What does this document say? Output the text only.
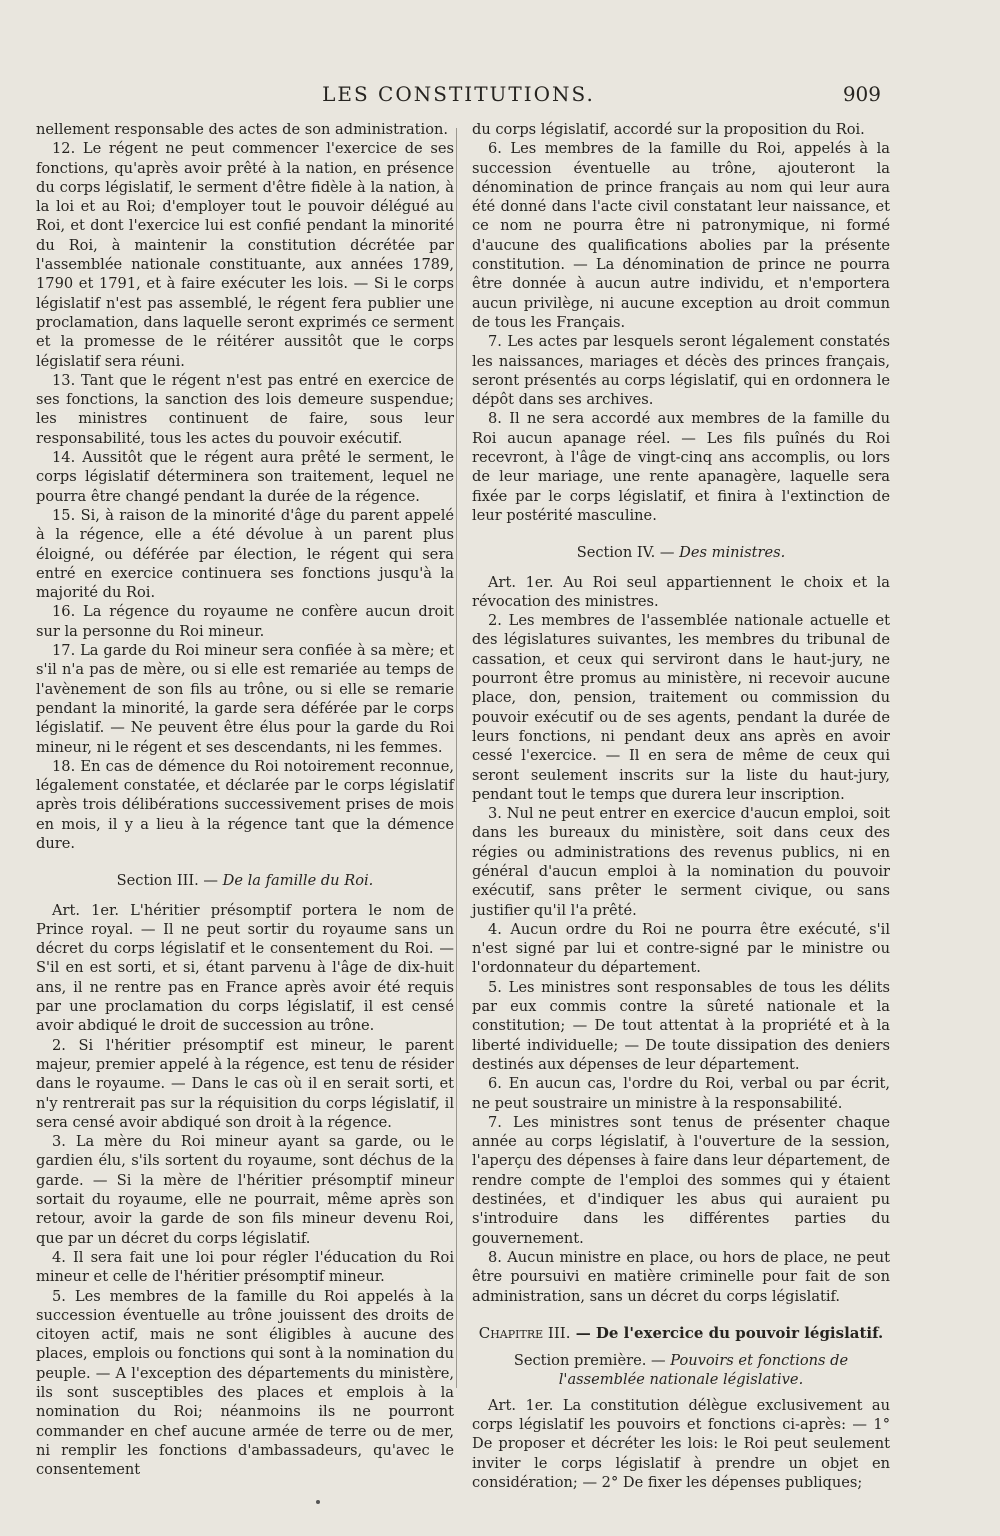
LES CONSTITUTIONS.	909

nellement responsable des actes de son administration.

12. Le régent ne peut commencer l'exercice de ses fonctions, qu'après avoir prêté à la nation, en présence du corps législatif, le serment d'être fidèle à la nation, à la loi et au Roi; d'employer tout le pouvoir délégué au Roi, et dont l'exercice lui est confié pendant la minorité du Roi, à maintenir la constitution décrétée par l'assemblée nationale constituante, aux années 1789, 1790 et 1791, et à faire exécuter les lois. — Si le corps législatif n'est pas assemblé, le régent fera publier une proclamation, dans laquelle seront exprimés ce serment et la promesse de le réitérer aussitôt que le corps législatif sera réuni.

13. Tant que le régent n'est pas entré en exercice de ses fonctions, la sanction des lois demeure suspendue; les ministres continuent de faire, sous leur responsabilité, tous les actes du pouvoir exécutif.

14. Aussitôt que le régent aura prêté le serment, le corps législatif déterminera son traitement, lequel ne pourra être changé pendant la durée de la régence.

15. Si, à raison de la minorité d'âge du parent appelé à la régence, elle a été dévolue à un parent plus éloigné, ou déférée par élection, le régent qui sera entré en exercice continuera ses fonctions jusqu'à la majorité du Roi.

16. La régence du royaume ne confère aucun droit sur la personne du Roi mineur.

17. La garde du Roi mineur sera confiée à sa mère; et s'il n'a pas de mère, ou si elle est remariée au temps de l'avènement de son fils au trône, ou si elle se remarie pendant la minorité, la garde sera déférée par le corps législatif. — Ne peuvent être élus pour la garde du Roi mineur, ni le régent et ses descendants, ni les femmes.

18. En cas de démence du Roi notoirement reconnue, légalement constatée, et déclarée par le corps législatif après trois délibérations successivement prises de mois en mois, il y a lieu à la régence tant que la démence dure.

Section III. — De la famille du Roi.

Art. 1er. L'héritier présomptif portera le nom de Prince royal. — Il ne peut sortir du royaume sans un décret du corps législatif et le consentement du Roi. — S'il en est sorti, et si, étant parvenu à l'âge de dix-huit ans, il ne rentre pas en France après avoir été requis par une proclamation du corps législatif, il est censé avoir abdiqué le droit de succession au trône.

2. Si l'héritier présomptif est mineur, le parent majeur, premier appelé à la régence, est tenu de résider dans le royaume. — Dans le cas où il en serait sorti, et n'y rentrerait pas sur la réquisition du corps législatif, il sera censé avoir abdiqué son droit à la régence.

3. La mère du Roi mineur ayant sa garde, ou le gardien élu, s'ils sortent du royaume, sont déchus de la garde. — Si la mère de l'héritier présomptif mineur sortait du royaume, elle ne pourrait, même après son retour, avoir la garde de son fils mineur devenu Roi, que par un décret du corps législatif.

4. Il sera fait une loi pour régler l'éducation du Roi mineur et celle de l'héritier présomptif mineur.

5. Les membres de la famille du Roi appelés à la succession éventuelle au trône jouissent des droits de citoyen actif, mais ne sont éligibles à aucune des places, emplois ou fonctions qui sont à la nomination du peuple. — A l'exception des départements du ministère, ils sont susceptibles des places et emplois à la nomination du Roi; néanmoins ils ne pourront commander en chef aucune armée de terre ou de mer, ni remplir les fonctions d'ambassadeurs, qu'avec le consentement

du corps législatif, accordé sur la proposition du Roi.

6. Les membres de la famille du Roi, appelés à la succession éventuelle au trône, ajouteront la dénomination de prince français au nom qui leur aura été donné dans l'acte civil constatant leur naissance, et ce nom ne pourra être ni patronymique, ni formé d'aucune des qualifications abolies par la présente constitution. — La dénomination de prince ne pourra être donnée à aucun autre individu, et n'emportera aucun privilège, ni aucune exception au droit commun de tous les Français.

7. Les actes par lesquels seront légalement constatés les naissances, mariages et décès des princes français, seront présentés au corps législatif, qui en ordonnera le dépôt dans ses archives.

8. Il ne sera accordé aux membres de la famille du Roi aucun apanage réel. — Les fils puînés du Roi recevront, à l'âge de vingt-cinq ans accomplis, ou lors de leur mariage, une rente apanagère, laquelle sera fixée par le corps législatif, et finira à l'extinction de leur postérité masculine.

Section IV. — Des ministres.

Art. 1er. Au Roi seul appartiennent le choix et la révocation des ministres.

2. Les membres de l'assemblée nationale actuelle et des législatures suivantes, les membres du tribunal de cassation, et ceux qui serviront dans le haut-jury, ne pourront être promus au ministère, ni recevoir aucune place, don, pension, traitement ou commission du pouvoir exécutif ou de ses agents, pendant la durée de leurs fonctions, ni pendant deux ans après en avoir cessé l'exercice. — Il en sera de même de ceux qui seront seulement inscrits sur la liste du haut-jury, pendant tout le temps que durera leur inscription.

3. Nul ne peut entrer en exercice d'aucun emploi, soit dans les bureaux du ministère, soit dans ceux des régies ou administrations des revenus publics, ni en général d'aucun emploi à la nomination du pouvoir exécutif, sans prêter le serment civique, ou sans justifier qu'il l'a prêté.

4. Aucun ordre du Roi ne pourra être exécuté, s'il n'est signé par lui et contre-signé par le ministre ou l'ordonnateur du département.

5. Les ministres sont responsables de tous les délits par eux commis contre la sûreté nationale et la constitution; — De tout attentat à la propriété et à la liberté individuelle; — De toute dissipation des deniers destinés aux dépenses de leur département.

6. En aucun cas, l'ordre du Roi, verbal ou par écrit, ne peut soustraire un ministre à la responsabilité.

7. Les ministres sont tenus de présenter chaque année au corps législatif, à l'ouverture de la session, l'aperçu des dépenses à faire dans leur département, de rendre compte de l'emploi des sommes qui y étaient destinées, et d'indiquer les abus qui auraient pu s'introduire dans les différentes parties du gouvernement.

8. Aucun ministre en place, ou hors de place, ne peut être poursuivi en matière criminelle pour fait de son administration, sans un décret du corps législatif.

Chapitre III. — De l'exercice du pouvoir législatif.
Section première. — Pouvoirs et fonctions de l'assemblée nationale législative.

Art. 1er. La constitution délègue exclusivement au corps législatif les pouvoirs et fonctions ci-après: — 1° De proposer et décréter les lois: le Roi peut seulement inviter le corps législatif à prendre un objet en considération; — 2° De fixer les dépenses publiques;
